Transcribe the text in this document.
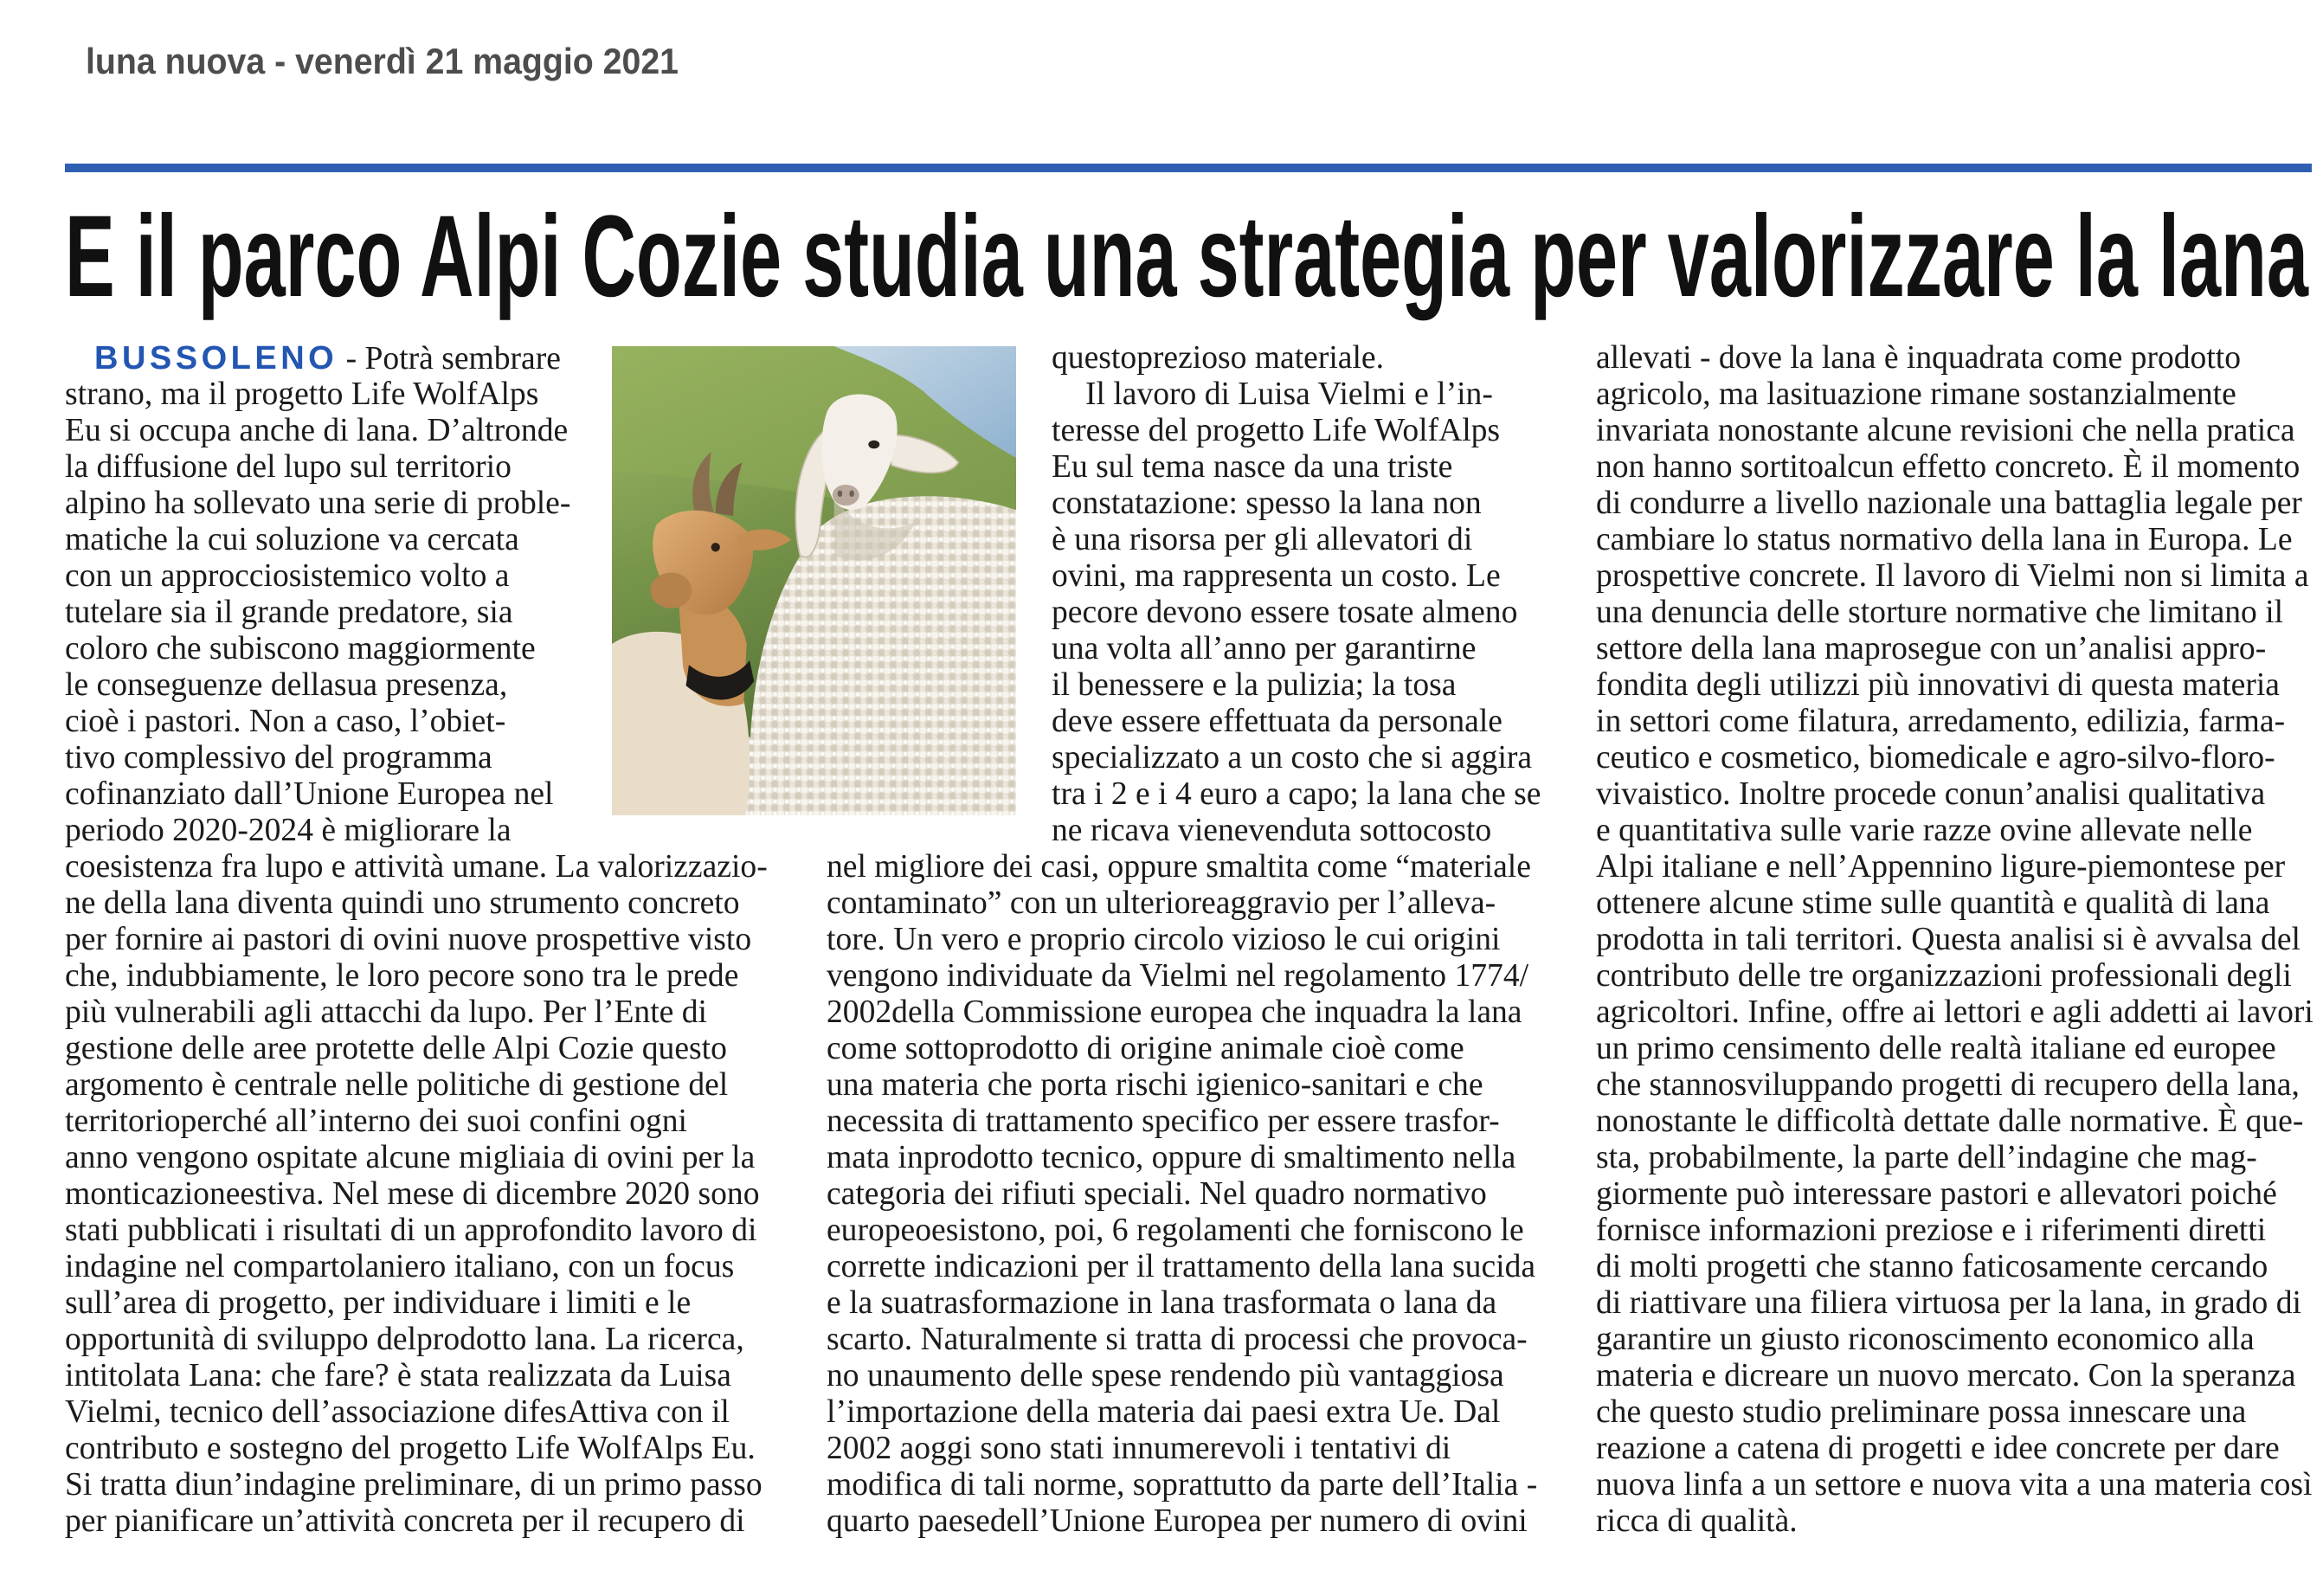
luna nuova - venerdì 21 maggio 2021
E il parco Alpi Cozie studia una strategia per valorizzare la lana
BUSSOLENO - Potrà sembrare
strano, ma il progetto Life WolfAlps
Eu si occupa anche di lana. D’altronde
la diffusione del lupo sul territorio
alpino ha sollevato una serie di proble-
matiche la cui soluzione va cercata
con un approcciosistemico volto a
tutelare sia il grande predatore, sia
coloro che subiscono maggiormente
le conseguenze dellasua presenza,
cioè i pastori. Non a caso, l’obiet-
tivo complessivo del programma
cofinanziato dall’Unione Europea nel
periodo 2020-2024 è migliorare la
coesistenza fra lupo e attività umane. La valorizzazio-
ne della lana diventa quindi uno strumento concreto
per fornire ai pastori di ovini nuove prospettive visto
che, indubbiamente, le loro pecore sono tra le prede
più vulnerabili agli attacchi da lupo. Per l’Ente di
gestione delle aree protette delle Alpi Cozie questo
argomento è centrale nelle politiche di gestione del
territorioperché all’interno dei suoi confini ogni
anno vengono ospitate alcune migliaia di ovini per la
monticazioneestiva. Nel mese di dicembre 2020 sono
stati pubblicati i risultati di un approfondito lavoro di
indagine nel compartolaniero italiano, con un focus
sull’area di progetto, per individuare i limiti e le
opportunità di sviluppo delprodotto lana. La ricerca,
intitolata Lana: che fare? è stata realizzata da Luisa
Vielmi, tecnico dell’associazione difesAttiva con il
contributo e sostegno del progetto Life WolfAlps Eu.
Si tratta diun’indagine preliminare, di un primo passo
per pianificare un’attività concreta per il recupero di
questoprezioso materiale.
Il lavoro di Luisa Vielmi e l’in-
teresse del progetto Life WolfAlps
Eu sul tema nasce da una triste
constatazione: spesso la lana non
è una risorsa per gli allevatori di
ovini, ma rappresenta un costo. Le
pecore devono essere tosate almeno
una volta all’anno per garantirne
il benessere e la pulizia; la tosa
deve essere effettuata da personale
specializzato a un costo che si aggira
tra i 2 e i 4 euro a capo; la lana che se
ne ricava vienevenduta sottocosto
nel migliore dei casi, oppure smaltita come “materiale
contaminato” con un ulterioreaggravio per l’alleva-
tore. Un vero e proprio circolo vizioso le cui origini
vengono individuate da Vielmi nel regolamento 1774/
2002della Commissione europea che inquadra la lana
come sottoprodotto di origine animale cioè come
una materia che porta rischi igienico-sanitari e che
necessita di trattamento specifico per essere trasfor-
mata inprodotto tecnico, oppure di smaltimento nella
categoria dei rifiuti speciali. Nel quadro normativo
europeoesistono, poi, 6 regolamenti che forniscono le
corrette indicazioni per il trattamento della lana sucida
e la suatrasformazione in lana trasformata o lana da
scarto. Naturalmente si tratta di processi che provoca-
no unaumento delle spese rendendo più vantaggiosa
l’importazione della materia dai paesi extra Ue. Dal
2002 aoggi sono stati innumerevoli i tentativi di
modifica di tali norme, soprattutto da parte dell’Italia -
quarto paesedell’Unione Europea per numero di ovini
allevati - dove la lana è inquadrata come prodotto
agricolo, ma lasituazione rimane sostanzialmente
invariata nonostante alcune revisioni che nella pratica
non hanno sortitoalcun effetto concreto. È il momento
di condurre a livello nazionale una battaglia legale per
cambiare lo status normativo della lana in Europa. Le
prospettive concrete. Il lavoro di Vielmi non si limita a
una denuncia delle storture normative che limitano il
settore della lana maprosegue con un’analisi appro-
fondita degli utilizzi più innovativi di questa materia
in settori come filatura, arredamento, edilizia, farma-
ceutico e cosmetico, biomedicale e agro-silvo-floro-
vivaistico. Inoltre procede conun’analisi qualitativa
e quantitativa sulle varie razze ovine allevate nelle
Alpi italiane e nell’Appennino ligure-piemontese per
ottenere alcune stime sulle quantità e qualità di lana
prodotta in tali territori. Questa analisi si è avvalsa del
contributo delle tre organizzazioni professionali degli
agricoltori. Infine, offre ai lettori e agli addetti ai lavori
un primo censimento delle realtà italiane ed europee
che stannosviluppando progetti di recupero della lana,
nonostante le difficoltà dettate dalle normative. È que-
sta, probabilmente, la parte dell’indagine che mag-
giormente può interessare pastori e allevatori poiché
fornisce informazioni preziose e i riferimenti diretti
di molti progetti che stanno faticosamente cercando
di riattivare una filiera virtuosa per la lana, in grado di
garantire un giusto riconoscimento economico alla
materia e dicreare un nuovo mercato. Con la speranza
che questo studio preliminare possa innescare una
reazione a catena di progetti e idee concrete per dare
nuova linfa a un settore e nuova vita a una materia così
ricca di qualità.
